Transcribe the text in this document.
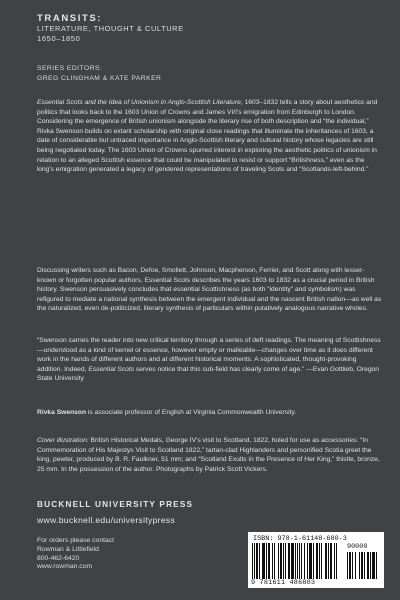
TRANSITS:
LITERATURE, THOUGHT & CULTURE
1650–1850
SERIES EDITORS:
GREG CLINGHAM & KATE PARKER

Essential Scots and the Idea of Unionism in Anglo-Scottish Literature, 1603–1832 tells a story about aesthetics and politics that looks back to the 1603 Union of Crowns and James VI/I's emigration from Edinburgh to London. Considering the emergence of British unionism alongside the literary rise of both description and “the individual,” Rivka Swenson builds on extant scholarship with original close readings that illuminate the inheritances of 1603, a date of considerable but untraced importance in Anglo-Scottish literary and cultural history whose legacies are still being negotiated today. The 1603 Union of Crowns spurred interest in exploring the aesthetic politics of unionism in relation to an alleged Scottish essence that could be manipulated to resist or support “Britishness,” even as the king's emigration generated a legacy of gendered representations of traveling Scots and “Scotlands-left-behind.”

Discussing writers such as Bacon, Defoe, Smollett, Johnson, Macpherson, Ferrier, and Scott along with lesser-known or forgotten popular authors, Essential Scots describes the years 1603 to 1832 as a crucial period in British history. Swenson persuasively concludes that essential Scottishness (as both “identity” and symbolism) was refigured to mediate a national synthesis between the emergent individual and the nascent British nation—as well as the naturalized, even de-politicized, literary synthesis of particulars within putatively analogous narrative wholes.

“Swenson carries the reader into new critical territory through a series of deft readings. The meaning of Scottishness—understood as a kind of kernel or essence, however empty or malleable—changes over time as it does different work in the hands of different authors and at different historical moments. A sophisticated, thought-provoking addition. Indeed, Essential Scots serves notice that this sub-field has clearly come of age.” —Evan Gottlieb, Oregon State University

Rivka Swenson is associate professor of English at Virginia Commonwealth University.

Cover illustration: British Historical Medals, George IV's visit to Scotland, 1822, holed for use as accessories: “In Commemoration of His Majestys Visit to Scotland 1822,” tartan-clad Highlanders and personified Scotia greet the king, pewter, produced by B. R. Faulkner, 51 mm; and “Scotland Exults in the Presence of Her King,” thistle, bronze, 25 mm. In the possession of the author. Photographs by Patrick Scott Vickers.

BUCKNELL UNIVERSITY PRESS
www.bucknell.edu/universitypress
For orders please contact
Rowman & Littlefield
800-462-6420
www.rowman.com
ISBN: 978-1-61148-680-3
90000
9 781611 486803
